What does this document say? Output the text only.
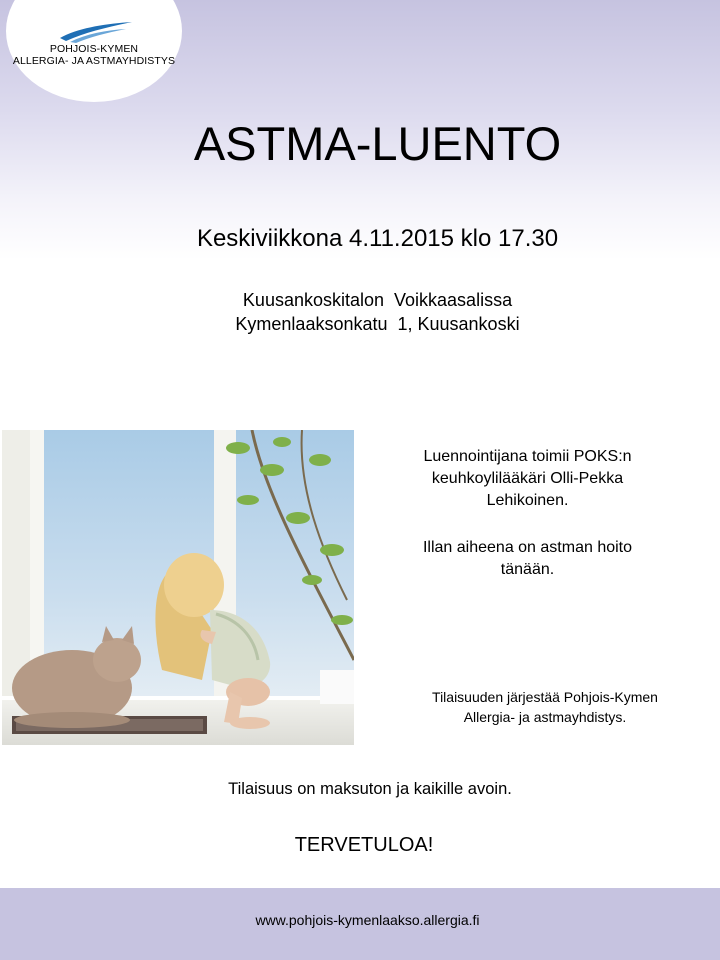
POHJOIS-KYMEN
ALLERGIA- JA ASTMAYHDISTYS
ASTMA-LUENTO
Keskiviikkona 4.11.2015 klo 17.30
Kuusankoskitalon  Voikkaasalissa
Kymenlaaksonkatu  1, Kuusankoski
Luennointijana toimii POKS:n
keuhkoylilääkäri Olli-Pekka
Lehikoinen.
Illan aiheena on astman hoito
tänään.
Tilaisuuden järjestää Pohjois-Kymen
Allergia- ja astmayhdistys.
Tilaisuus on maksuton ja kaikille avoin.
TERVETULOA!
www.pohjois-kymenlaakso.allergia.fi
